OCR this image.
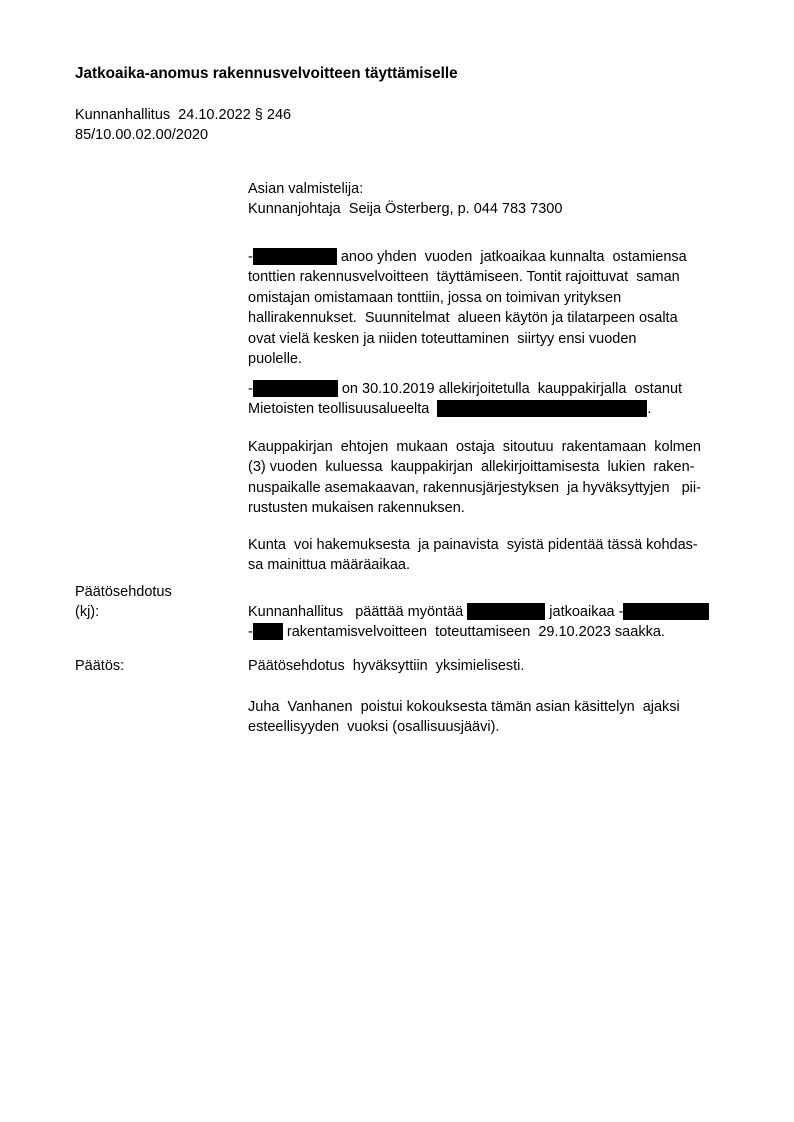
Jatkoaika-anomus rakennusvelvoitteen täyttämiselle
Kunnanhallitus  24.10.2022 § 246
85/10.00.02.00/2020
Asian valmistelija:
Kunnanjohtaja  Seija Österberg, p. 044 783 7300
-	anoo yhden  vuoden  jatkoaikaa kunnalta  ostamiensa
tonttien rakennusvelvoitteen  täyttämiseen. Tontit rajoittuvat  saman
omistajan omistamaan tonttiin, jossa on toimivan yrityksen
hallirakennukset.  Suunnitelmat  alueen käytön ja tilatarpeen osalta
ovat vielä kesken ja niiden toteuttaminen  siirtyy ensi vuoden
puolelle.
-	on 30.10.2019 allekirjoitetulla  kauppakirjalla  ostanut
Mietoisten teollisuusalueelta	.
Kauppakirjan  ehtojen  mukaan  ostaja  sitoutuu  rakentamaan  kolmen
(3) vuoden  kuluessa  kauppakirjan  allekirjoittamisesta  lukien  raken-
nuspaikalle asemakaavan, rakennusjärjestyksen  ja hyväksyttyjen   pii-
rustusten mukaisen rakennuksen.
Kunta  voi hakemuksesta  ja painavista  syistä pidentää tässä kohdas-
sa mainittua määräaikaa.
Päätösehdotus
(kj):	Kunnanhallitus   päättää myöntää	jatkoaikaa -
- rakentamisvelvoitteen  toteuttamiseen  29.10.2023 saakka.
Päätös:	Päätösehdotus  hyväksyttiin  yksimielisesti.
Juha  Vanhanen  poistui kokouksesta tämän asian käsittelyn  ajaksi
esteellisyyden  vuoksi (osallisuusjäävi).
